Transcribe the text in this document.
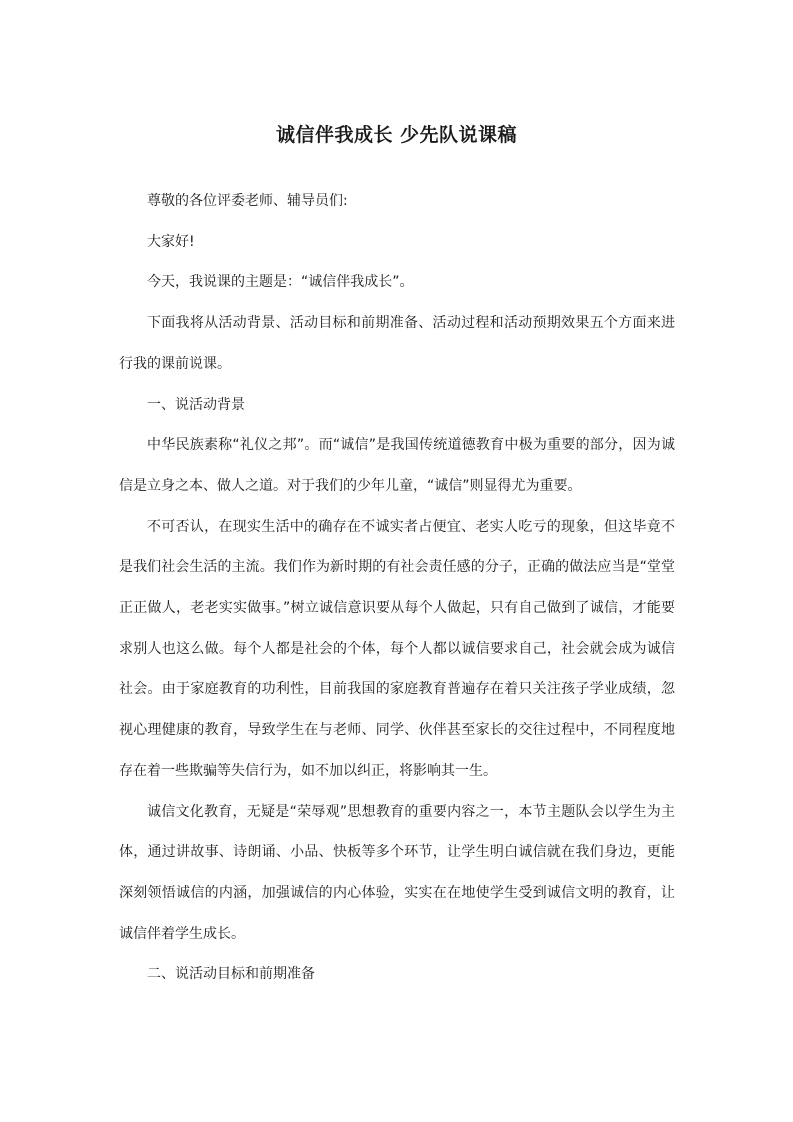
诚信伴我成长 少先队说课稿

尊敬的各位评委老师、辅导员们:

大家好!

今天，我说课的主题是：“诚信伴我成长”。

下面我将从活动背景、活动目标和前期准备、活动过程和活动预期效果五个方面来进行我的课前说课。

一、说活动背景

中华民族素称“礼仪之邦”。而“诚信”是我国传统道德教育中极为重要的部分，因为诚信是立身之本、做人之道。对于我们的少年儿童，“诚信”则显得尤为重要。

不可否认，在现实生活中的确存在不诚实者占便宜、老实人吃亏的现象，但这毕竟不是我们社会生活的主流。我们作为新时期的有社会责任感的分子，正确的做法应当是“堂堂正正做人，老老实实做事。”树立诚信意识要从每个人做起，只有自己做到了诚信，才能要求别人也这么做。每个人都是社会的个体，每个人都以诚信要求自己，社会就会成为诚信社会。由于家庭教育的功利性，目前我国的家庭教育普遍存在着只关注孩子学业成绩，忽视心理健康的教育，导致学生在与老师、同学、伙伴甚至家长的交往过程中，不同程度地存在着一些欺骗等失信行为，如不加以纠正，将影响其一生。

诚信文化教育，无疑是“荣辱观”思想教育的重要内容之一，本节主题队会以学生为主体，通过讲故事、诗朗诵、小品、快板等多个环节，让学生明白诚信就在我们身边，更能深刻领悟诚信的内涵，加强诚信的内心体验，实实在在地使学生受到诚信文明的教育，让诚信伴着学生成长。

二、说活动目标和前期准备
